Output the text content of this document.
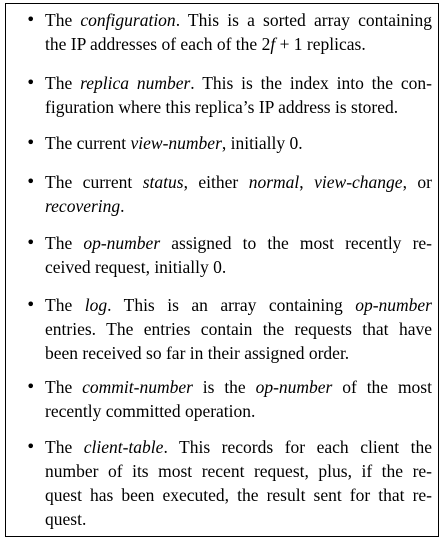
• The configuration. This is a sorted array containing
the IP addresses of each of the 2f + 1 replicas.
• The replica number. This is the index into the con-
figuration where this replica’s IP address is stored.
• The current view-number, initially 0.
• The current status, either normal, view-change, or
recovering.
• The op-number assigned to the most recently re-
ceived request, initially 0.
• The log. This is an array containing op-number
entries. The entries contain the requests that have
been received so far in their assigned order.
• The commit-number is the op-number of the most
recently committed operation.
• The client-table. This records for each client the
number of its most recent request, plus, if the re-
quest has been executed, the result sent for that re-
quest.
